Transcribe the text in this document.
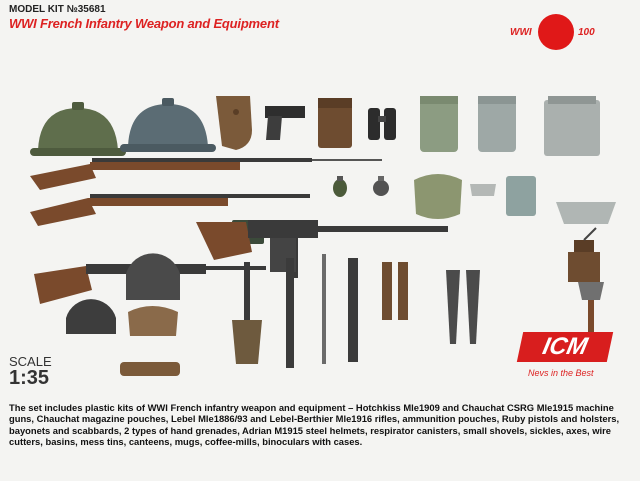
MODEL KIT №35681
WWI French Infantry Weapon and Equipment
WWI	100
SCALE
1:35
ICM
Nevs in the Best
The set includes plastic kits of WWI French infantry weapon and equipment – Hotchkiss Mle1909 and Chauchat CSRG Mle1915 machine guns, Chauchat magazine pouches, Lebel Mle1886/93 and Lebel-Berthier Mle1916 rifles, ammunition pouches, Ruby pistols and holsters, bayonets and scabbards, 2 types of hand grenades, Adrian M1915 steel helmets, respirator canisters, small shovels, sickles, axes, wire cutters, basins, mess tins, canteens, mugs, coffee-mills, binoculars with cases.
